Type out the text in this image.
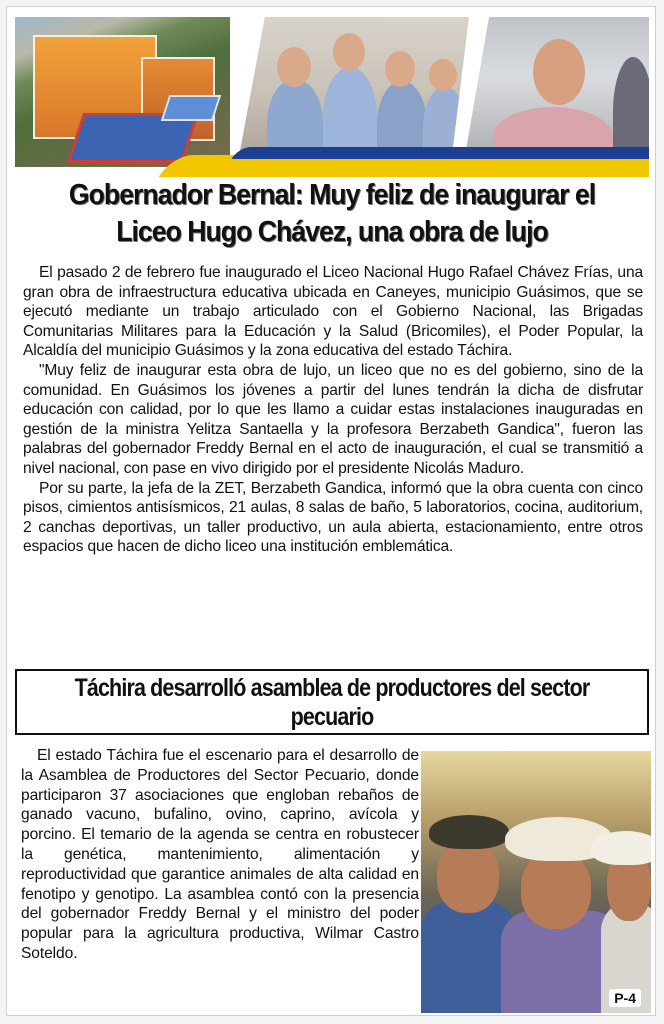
Gobernador Bernal: Muy feliz de inaugurar el
Liceo Hugo Chávez, una obra de lujo

El pasado 2 de febrero fue inaugurado el Liceo Nacional Hugo Rafael Chávez Frías, una gran obra de infraestructura educativa ubicada en Caneyes, municipio Guásimos, que se ejecutó mediante un trabajo articulado con el Gobierno Nacional, las Brigadas Comunitarias Militares para la Educación y la Salud (Bricomiles), el Poder Popular, la Alcaldía del municipio Guásimos y la zona educativa del estado Táchira.

"Muy feliz de inaugurar esta obra de lujo, un liceo que no es del gobierno, sino de la comunidad. En Guásimos los jóvenes a partir del lunes tendrán la dicha de disfrutar educación con calidad, por lo que les llamo a cuidar estas instalaciones inauguradas en gestión de la ministra Yelitza Santaella y la profesora Berzabeth Gandica", fueron las palabras del gobernador Freddy Bernal en el acto de inauguración, el cual se transmitió a nivel nacional, con pase en vivo dirigido por el presidente Nicolás Maduro.

Por su parte, la jefa de la ZET, Berzabeth Gandica, informó que la obra cuenta con cinco pisos, cimientos antisísmicos, 21 aulas, 8 salas de baño, 5 laboratorios, cocina, auditorium, 2 canchas deportivas, un taller productivo, un aula abierta, estacionamiento, entre otros espacios que hacen de dicho liceo una institución emblemática.

Táchira desarrolló asamblea de productores del sector
pecuario

El estado Táchira fue el escenario para el desarrollo de la Asamblea de Productores del Sector Pecuario, donde participaron 37 asociaciones que engloban rebaños de ganado vacuno, bufalino, ovino, caprino, avícola y porcino. El temario de la agenda se centra en robustecer la genética, mantenimiento, alimentación y reproductividad que garantice animales de alta calidad en fenotipo y genotipo. La asamblea contó con la presencia del gobernador Freddy Bernal y el ministro del poder popular para la agricultura productiva, Wilmar Castro Soteldo.

P-4
